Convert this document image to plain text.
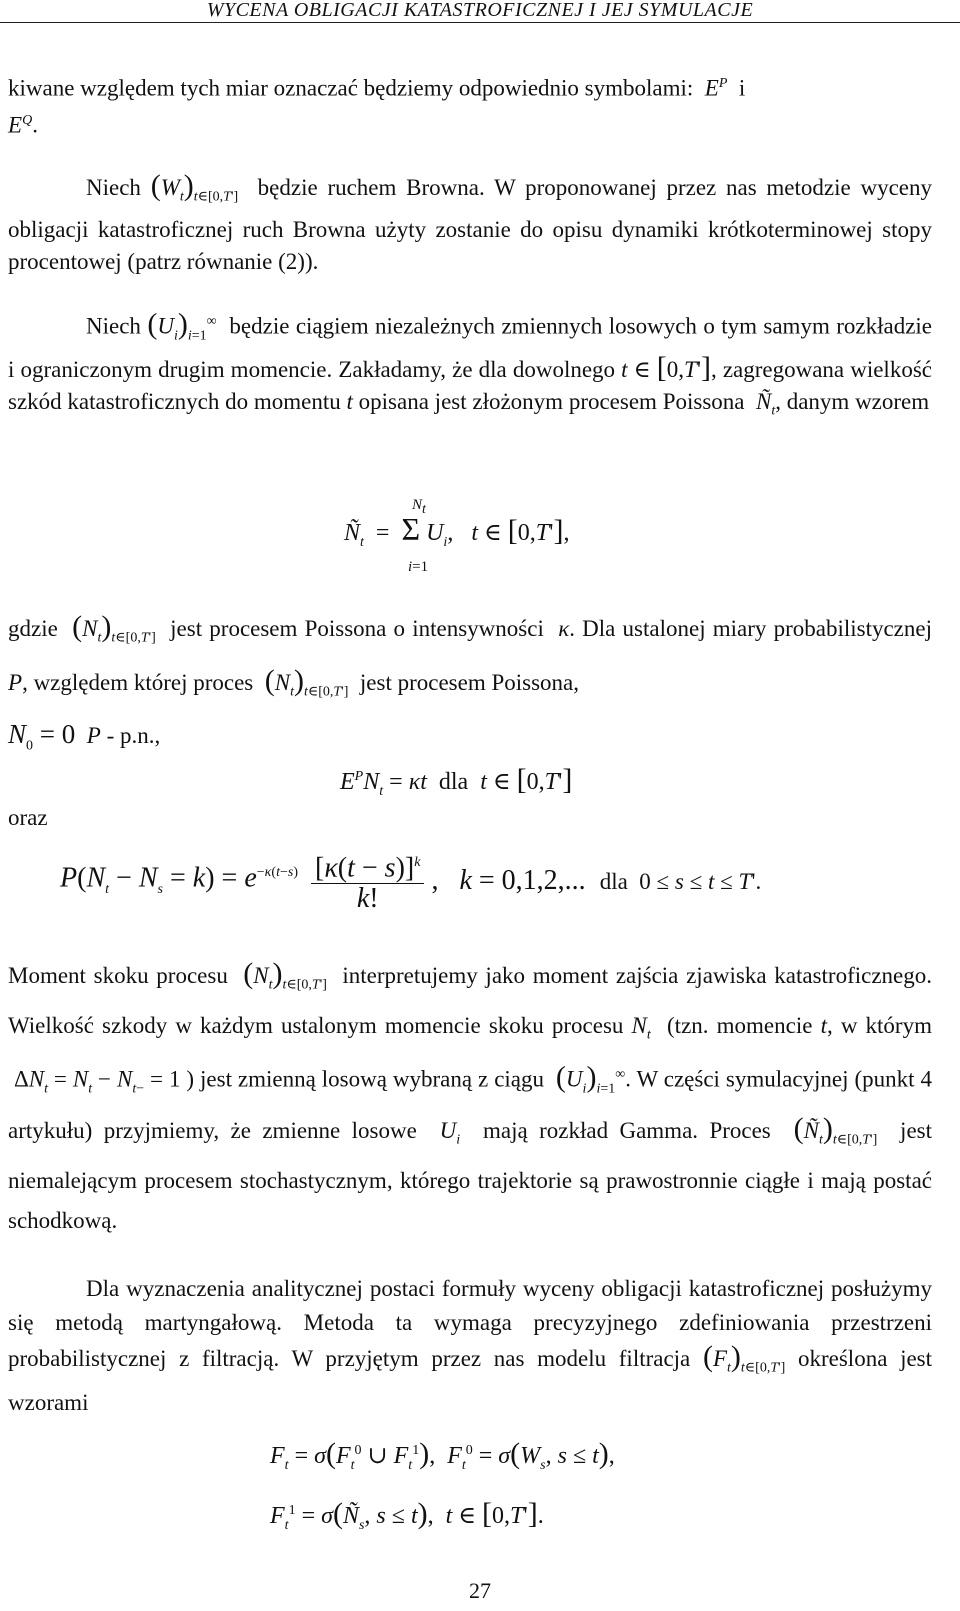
WYCENA OBLIGACJI KATASTROFICZNEJ I JEJ SYMULACJE
kiwane względem tych miar oznaczać będziemy odpowiednio symbolami:  $E^P$  i
$E^Q$.
Niech $(W_t)_{t\in[0,T']}$  będzie ruchem Browna. W proponowanej przez nas metodzie wyceny obligacji katastroficznej ruch Browna użyty zostanie do opisu dynamiki krótkoterminowej stopy procentowej (patrz równanie (2)).
Niech $(U_i)_{i=1}^\infty$  będzie ciągiem niezależnych zmiennych losowych o tym samym rozkładzie i ograniczonym drugim momencie. Zakładamy, że dla dowolnego t ∈ [0,T'], zagregowana wielkość szkód katastroficznych do momentu t opisana jest złożonym procesem Poissona  $Ñ_t$, danym wzorem
$N_t$
$Ñ_t = \Sigma$ $U_i$,   t ∈ [0,T'],
i=1
gdzie  $(N_t)_{t\in[0,T']}$  jest procesem Poissona o intensywności  κ. Dla ustalonej miary probabilistycznej P, względem której proces  $(N_t)_{t\in[0,T']}$  jest procesem Poissona,
$N_0 = 0$ P - p.n.,
$E^PN_t = \kappa t$  dla  t ∈ [0,T']
oraz
$P(N_t - N_s = k) = e^{-\kappa(t-s)} \frac{[\kappa(t - s)]^k}{k!}$ ,   k = 0,1,2,...  dla  0 ≤ s ≤ t ≤ T'.
Moment skoku procesu  $(N_t)_{t\in[0,T']}$  interpretujemy jako moment zajścia zjawiska katastroficznego. Wielkość szkody w każdym ustalonym momencie skoku procesu $N_t$  (tzn. momencie t, w którym  $\Delta N_t = N_t - N_{t-} = 1$ ) jest zmienną losową wybraną z ciągu  $(U_i)_{i=1}^\infty$. W części symulacyjnej (punkt 4 artykułu) przyjmiemy, że zmienne losowe  $U_i$  mają rozkład Gamma. Proces  $(Ñ_t)_{t\in[0,T']}$  jest niemalejącym procesem stochastycznym, którego trajektorie są prawostronnie ciągłe i mają postać schodkową.
Dla wyznaczenia analitycznej postaci formuły wyceny obligacji katastroficznej posłużymy się metodą martyngałową. Metoda ta wymaga precyzyjnego zdefiniowania przestrzeni probabilistycznej z filtracją. W przyjętym przez nas modelu filtracja $(F_t)_{t\in[0,T']}$ określona jest wzorami
$F_t = \sigma(F_t^0$ ∪ $F_t^1$),  $F_t^0 = \sigma(W_s$, s ≤ t),
$F_t^1$ = $\sigma(Ñ_s$, s ≤ t),  t ∈ [0,T'].
27
